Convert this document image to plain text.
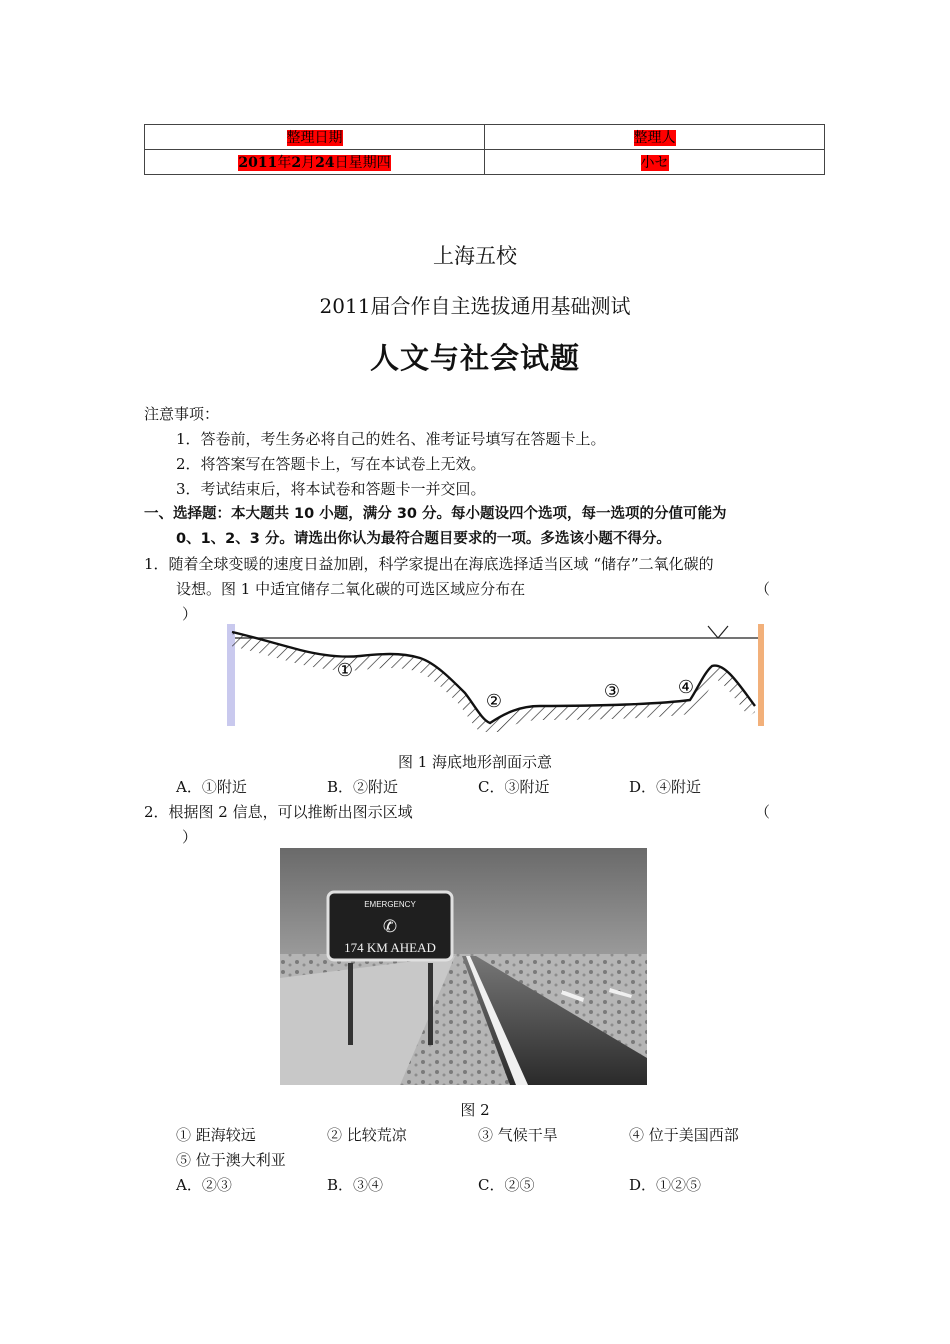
整理日期	整理人
2011年2月24日星期四	小セ
上海五校
2011届合作自主选拔通用基础测试
人文与社会试题
注意事项：
1．答卷前，考生务必将自己的姓名、准考证号填写在答题卡上。
2．将答案写在答题卡上，写在本试卷上无效。
3．考试结束后，将本试卷和答题卡一并交回。
一、选择题：本大题共 10 小题，满分 30 分。每小题设四个选项，每一选项的分值可能为
0、1、2、3 分。请选出你认为最符合题目要求的一项。多选该小题不得分。
1．随着全球变暖的速度日益加剧，科学家提出在海底选择适当区域 “储存”二氧化碳的
设想。图 1 中适宜储存二氧化碳的可选区域应分布在	（
）
①
②	③	④
图 1 海底地形剖面示意
A．①附近	B．②附近	C．③附近	D．④附近
2．根据图 2 信息，可以推断出图示区域	（
）
EMERGENCY
✆
174 KM AHEAD
图 2
① 距海较远	② 比较荒凉	③ 气候干旱	④ 位于美国西部
⑤ 位于澳大利亚
A．②③	B．③④	C．②⑤	D．①②⑤
